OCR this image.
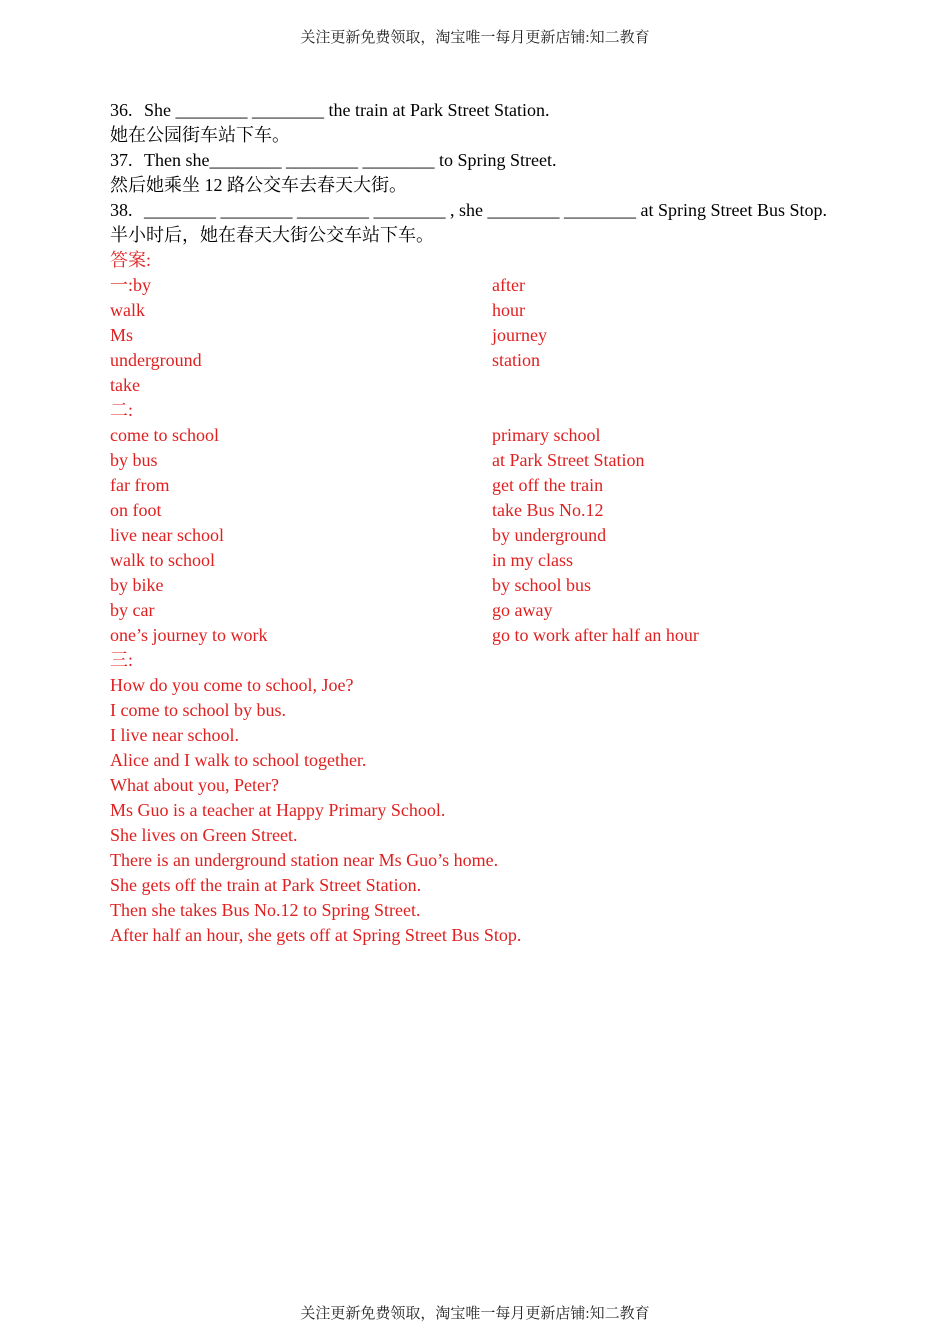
关注更新免费领取，淘宝唯一每月更新店铺:知二教育
36. She ________ ________ the train at Park Street Station.
她在公园街车站下车。
37. Then she________ ________ ________ to Spring Street.
然后她乘坐 12 路公交车去春天大街。
38. ________ ________ ________ ________ , she ________ ________ at Spring Street Bus Stop.
半小时后，她在春天大街公交车站下车。
答案:
一:by	after
walk	hour
Ms	journey
underground	station
take
二:
come to school	primary school
by bus	at Park Street Station
far from	get off the train
on foot	take Bus No.12
live near school	by underground
walk to school	in my class
by bike	by school bus
by car	go away
one’s journey to work	go to work after half an hour
三:
How do you come to school, Joe?
I come to school by bus.
I live near school.
Alice and I walk to school together.
What about you, Peter?
Ms Guo is a teacher at Happy Primary School.
She lives on Green Street.
There is an underground station near Ms Guo’s home.
She gets off the train at Park Street Station.
Then she takes Bus No.12 to Spring Street.
After half an hour, she gets off at Spring Street Bus Stop.
关注更新免费领取，淘宝唯一每月更新店铺:知二教育
